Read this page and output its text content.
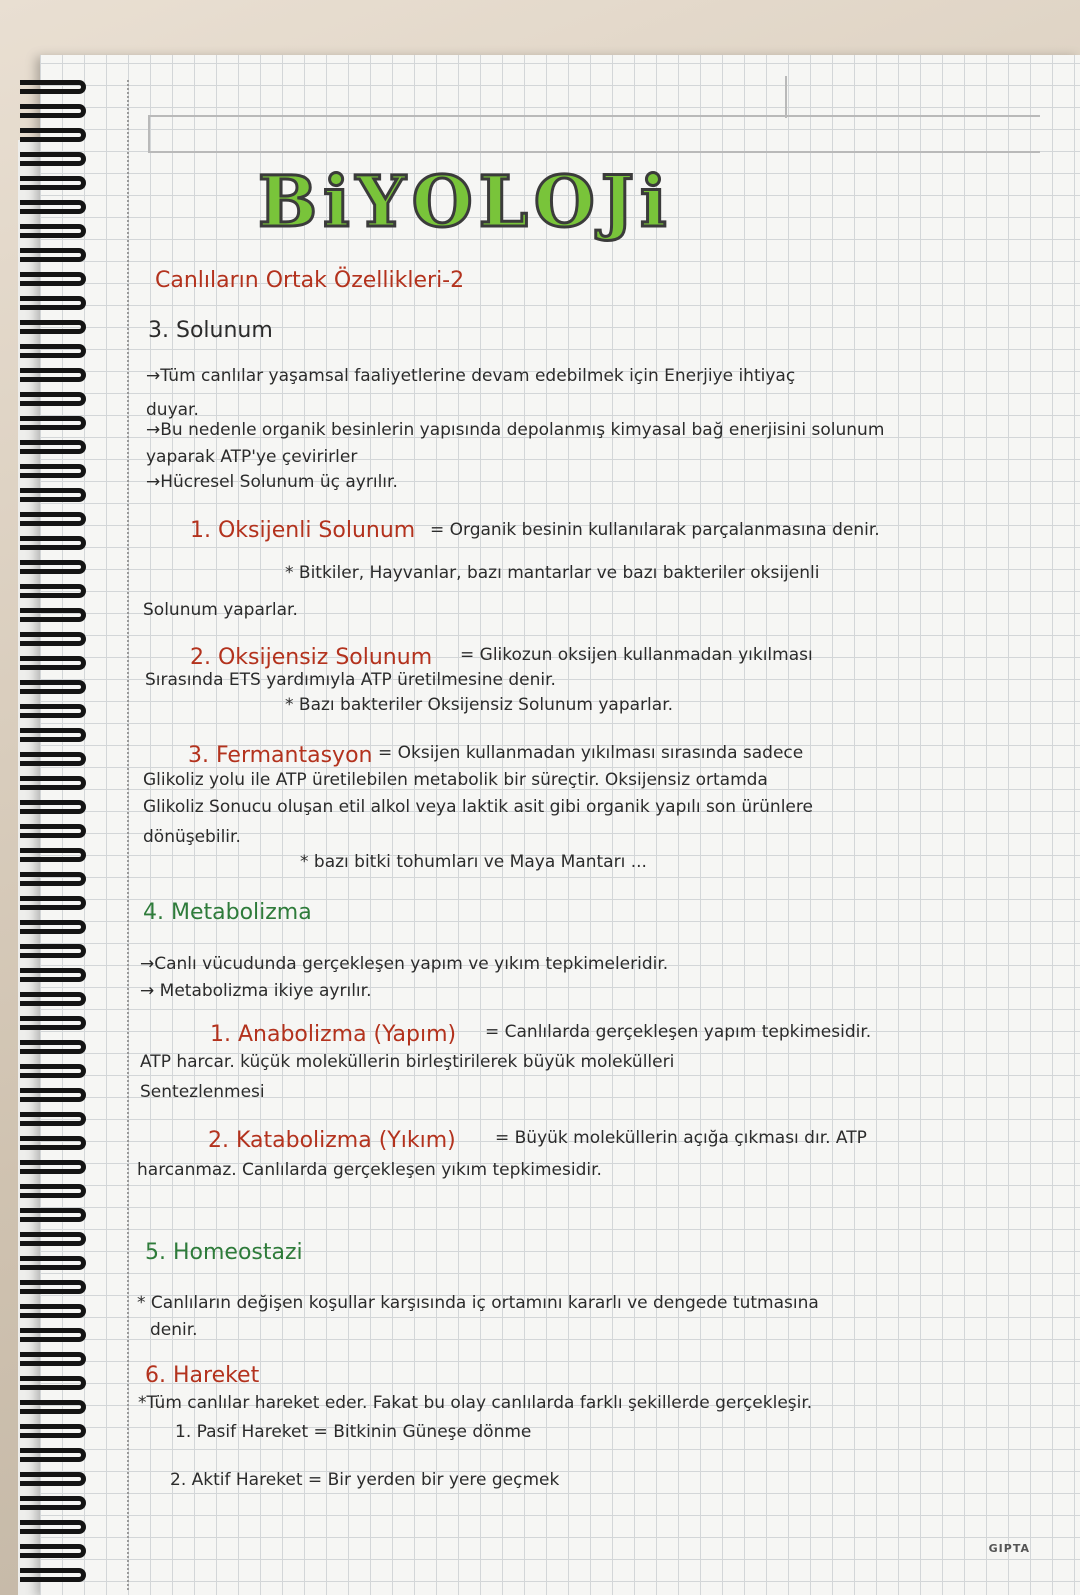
BiYOLOJi
Canlıların Ortak Özellikleri-2
3. Solunum
→Tüm canlılar yaşamsal faaliyetlerine devam edebilmek için Enerjiye ihtiyaç
duyar.
→Bu nedenle organik besinlerin yapısında depolanmış kimyasal bağ enerjisini solunum
yaparak ATP'ye çevirirler
→Hücresel Solunum üç ayrılır.
1. Oksijenli Solunum = Organik besinin kullanılarak parçalanmasına denir.
* Bitkiler, Hayvanlar, bazı mantarlar ve bazı bakteriler oksijenli
Solunum yaparlar.
2. Oksijensiz Solunum = Glikozun oksijen kullanmadan yıkılması
Sırasında ETS yardımıyla ATP üretilmesine denir.
* Bazı bakteriler Oksijensiz Solunum yaparlar.
3. Fermantasyon = Oksijen kullanmadan yıkılması sırasında sadece
Glikoliz yolu ile ATP üretilebilen metabolik bir süreçtir. Oksijensiz ortamda
Glikoliz Sonucu oluşan etil alkol veya laktik asit gibi organik yapılı son ürünlere
dönüşebilir.
* bazı bitki tohumları ve Maya Mantarı ...
4. Metabolizma
→Canlı vücudunda gerçekleşen yapım ve yıkım tepkimeleridir.
→ Metabolizma ikiye ayrılır.
1. Anabolizma (Yapım) = Canlılarda gerçekleşen yapım tepkimesidir.
ATP harcar. küçük moleküllerin birleştirilerek büyük molekülleri
Sentezlenmesi
2. Katabolizma (Yıkım) = Büyük moleküllerin açığa çıkması dır. ATP
harcanmaz. Canlılarda gerçekleşen yıkım tepkimesidir.
5. Homeostazi
* Canlıların değişen koşullar karşısında iç ortamını kararlı ve dengede tutmasına
denir.
6. Hareket
*Tüm canlılar hareket eder. Fakat bu olay canlılarda farklı şekillerde gerçekleşir.
1. Pasif Hareket = Bitkinin Güneşe dönme
2. Aktif Hareket = Bir yerden bir yere geçmek
GIPTA
